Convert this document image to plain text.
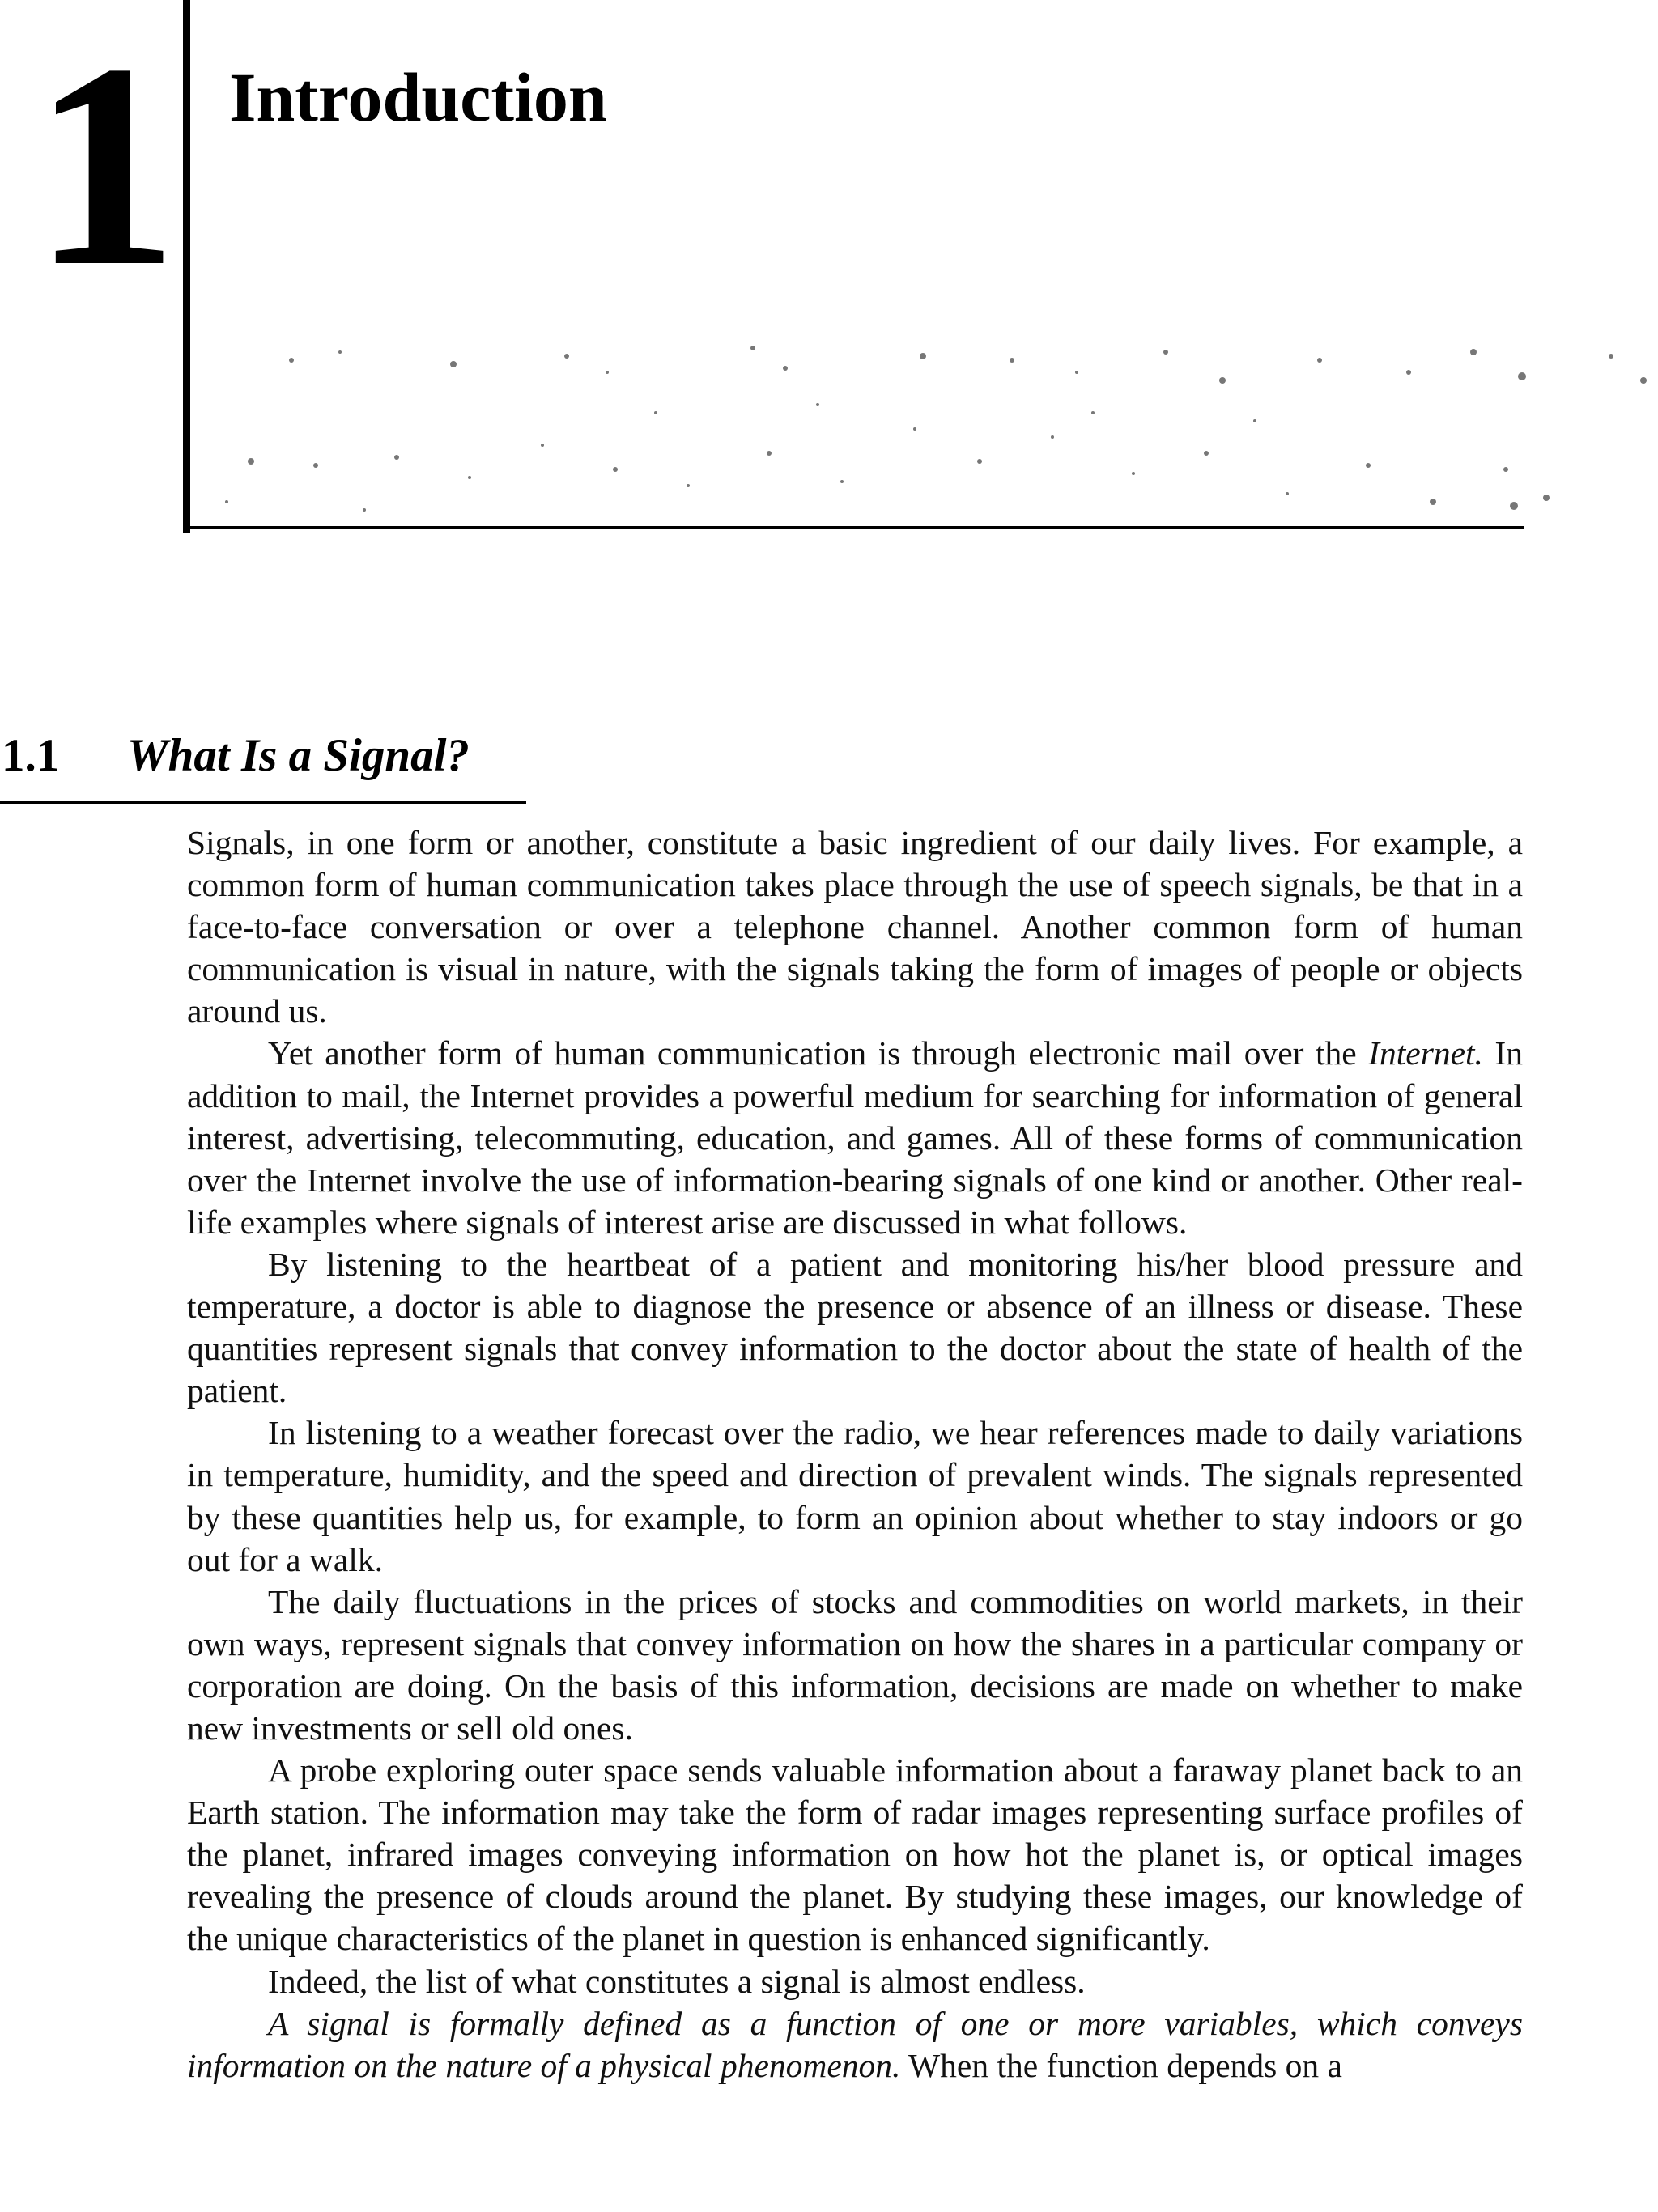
1 Introduction
1.1 What Is a Signal?

Signals, in one form or another, constitute a basic ingredient of our daily lives. For example, a common form of human communication takes place through the use of speech signals, be that in a face-to-face conversation or over a telephone channel. Another common form of human communication is visual in nature, with the signals taking the form of images of people or objects around us.

Yet another form of human communication is through electronic mail over the Internet. In addition to mail, the Internet provides a powerful medium for searching for information of general interest, advertising, telecommuting, education, and games. All of these forms of communication over the Internet involve the use of information-bearing signals of one kind or another. Other real-life examples where signals of interest arise are discussed in what follows.

By listening to the heartbeat of a patient and monitoring his/her blood pressure and temperature, a doctor is able to diagnose the presence or absence of an illness or disease. These quantities represent signals that convey information to the doctor about the state of health of the patient.

In listening to a weather forecast over the radio, we hear references made to daily variations in temperature, humidity, and the speed and direction of prevalent winds. The signals represented by these quantities help us, for example, to form an opinion about whether to stay indoors or go out for a walk.

The daily fluctuations in the prices of stocks and commodities on world markets, in their own ways, represent signals that convey information on how the shares in a particular company or corporation are doing. On the basis of this information, decisions are made on whether to make new investments or sell old ones.

A probe exploring outer space sends valuable information about a faraway planet back to an Earth station. The information may take the form of radar images representing surface profiles of the planet, infrared images conveying information on how hot the planet is, or optical images revealing the presence of clouds around the planet. By studying these images, our knowledge of the unique characteristics of the planet in question is enhanced significantly.

Indeed, the list of what constitutes a signal is almost endless.

A signal is formally defined as a function of one or more variables, which conveys information on the nature of a physical phenomenon. When the function depends on a
